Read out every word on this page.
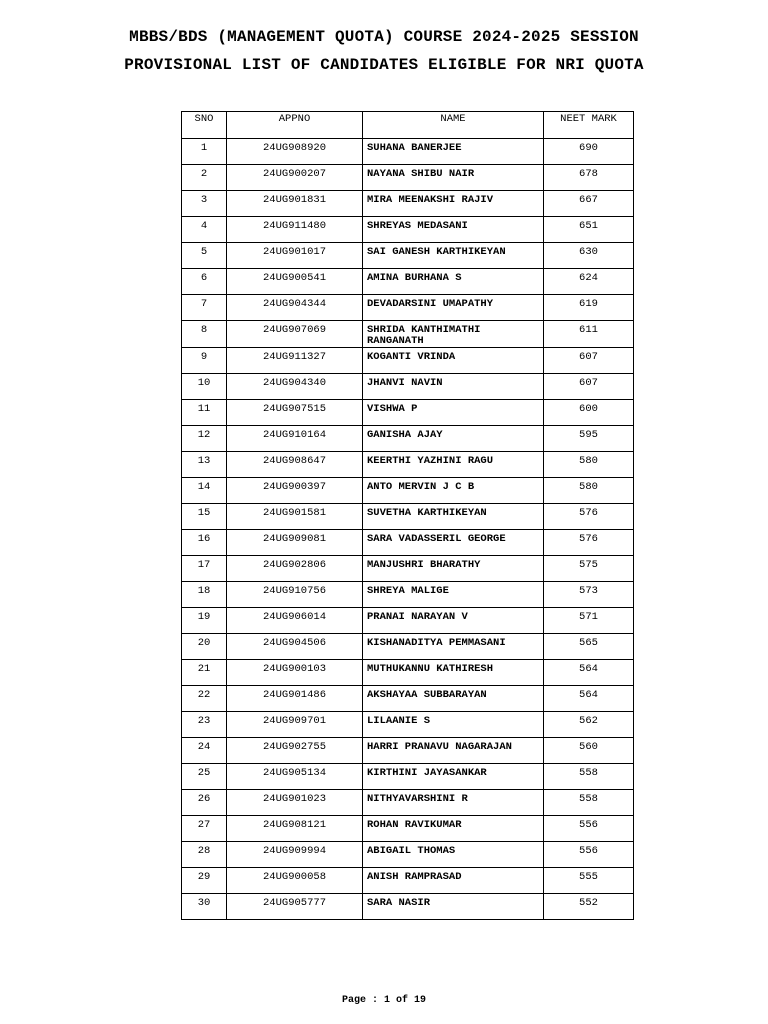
MBBS/BDS (MANAGEMENT QUOTA) COURSE 2024-2025 SESSION
PROVISIONAL LIST OF CANDIDATES ELIGIBLE FOR NRI QUOTA
SNO	APPNO	NAME	NEET MARK
1	24UG908920	SUHANA BANERJEE	690
2	24UG900207	NAYANA SHIBU NAIR	678
3	24UG901831	MIRA MEENAKSHI RAJIV	667
4	24UG911480	SHREYAS MEDASANI	651
5	24UG901017	SAI GANESH KARTHIKEYAN	630
6	24UG900541	AMINA BURHANA S	624
7	24UG904344	DEVADARSINI UMAPATHY	619
8	24UG907069	SHRIDA KANTHIMATHI RANGANATH	611
9	24UG911327	KOGANTI VRINDA	607
10	24UG904340	JHANVI NAVIN	607
11	24UG907515	VISHWA P	600
12	24UG910164	GANISHA AJAY	595
13	24UG908647	KEERTHI YAZHINI RAGU	580
14	24UG900397	ANTO MERVIN J C B	580
15	24UG901581	SUVETHA KARTHIKEYAN	576
16	24UG909081	SARA VADASSERIL GEORGE	576
17	24UG902806	MANJUSHRI BHARATHY	575
18	24UG910756	SHREYA MALIGE	573
19	24UG906014	PRANAI NARAYAN V	571
20	24UG904506	KISHANADITYA PEMMASANI	565
21	24UG900103	MUTHUKANNU KATHIRESH	564
22	24UG901486	AKSHAYAA SUBBARAYAN	564
23	24UG909701	LILAANIE S	562
24	24UG902755	HARRI PRANAVU NAGARAJAN	560
25	24UG905134	KIRTHINI JAYASANKAR	558
26	24UG901023	NITHYAVARSHINI R	558
27	24UG908121	ROHAN RAVIKUMAR	556
28	24UG909994	ABIGAIL THOMAS	556
29	24UG900058	ANISH RAMPRASAD	555
30	24UG905777	SARA NASIR	552
Page : 1 of 19
